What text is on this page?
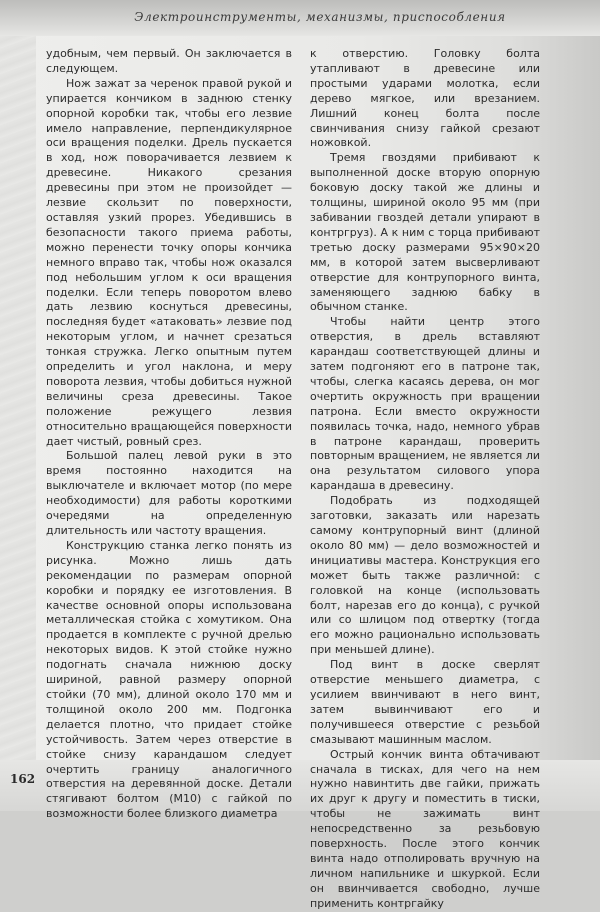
Электроинструменты, механизмы, приспособления

удобным, чем первый. Он заключается в следующем.

Нож зажат за черенок правой рукой и упирается кончиком в заднюю стенку опорной коробки так, чтобы его лезвие имело направление, перпендикулярное оси вращения поделки. Дрель пускается в ход, нож поворачивается лезвием к древесине. Никакого срезания древесины при этом не произойдет — лезвие скользит по поверхности, оставляя узкий прорез. Убедившись в безопасности такого приема работы, можно перенести точку опоры кончика немного вправо так, чтобы нож оказался под небольшим углом к оси вращения поделки. Если теперь поворотом влево дать лезвию коснуться древесины, последняя будет «атаковать» лезвие под некоторым углом, и начнет срезаться тонкая стружка. Легко опытным путем определить и угол наклона, и меру поворота лезвия, чтобы добиться нужной величины среза древесины. Такое положение режущего лезвия относительно вращающейся поверхности дает чистый, ровный срез.

Большой палец левой руки в это время постоянно находится на выключателе и включает мотор (по мере необходимости) для работы короткими очередями на определенную длительность или частоту вращения.

Конструкцию станка легко понять из рисунка. Можно лишь дать рекомендации по размерам опорной коробки и порядку ее изготовления. В качестве основной опоры использована металлическая стойка с хомутиком. Она продается в комплекте с ручной дрелью некоторых видов. К этой стойке нужно подогнать сначала нижнюю доску шириной, равной размеру опорной стойки (70 мм), длиной около 170 мм и толщиной около 200 мм. Подгонка делается плотно, что придает стойке устойчивость. Затем через отверстие в стойке снизу карандашом следует очертить границу аналогичного отверстия на деревянной доске. Детали стягивают болтом (М10) с гайкой по возможности более близкого диаметра

к отверстию. Головку болта утапливают в древесине или простыми ударами молотка, если дерево мягкое, или врезанием. Лишний конец болта после свинчивания снизу гайкой срезают ножовкой.

Тремя гвоздями прибивают к выполненной доске вторую опорную боковую доску такой же длины и толщины, шириной около 95 мм (при забивании гвоздей детали упирают в контргруз). А к ним с торца прибивают третью доску размерами 95×90×20 мм, в которой затем высверливают отверстие для контрупорного винта, заменяющего заднюю бабку в обычном станке.

Чтобы найти центр этого отверстия, в дрель вставляют карандаш соответствующей длины и затем подгоняют его в патроне так, чтобы, слегка касаясь дерева, он мог очертить окружность при вращении патрона. Если вместо окружности появилась точка, надо, немного убрав в патроне карандаш, проверить повторным вращением, не является ли она результатом силового упора карандаша в древесину.

Подобрать из подходящей заготовки, заказать или нарезать самому контрупорный винт (длиной около 80 мм) — дело возможностей и инициативы мастера. Конструкция его может быть также различной: с головкой на конце (использовать болт, нарезав его до конца), с ручкой или со шлицом под отвертку (тогда его можно рационально использовать при меньшей длине).

Под винт в доске сверлят отверстие меньшего диаметра, с усилием ввинчивают в него винт, затем вывинчивают его и получившееся отверстие с резьбой смазывают машинным маслом.

Острый кончик винта обтачивают сначала в тисках, для чего на нем нужно навинтить две гайки, прижать их друг к другу и поместить в тиски, чтобы не зажимать винт непосредственно за резьбовую поверхность. После этого кончик винта надо отполировать вручную на личном напильнике и шкуркой. Если он ввинчивается свободно, лучше применить контргайку

162
